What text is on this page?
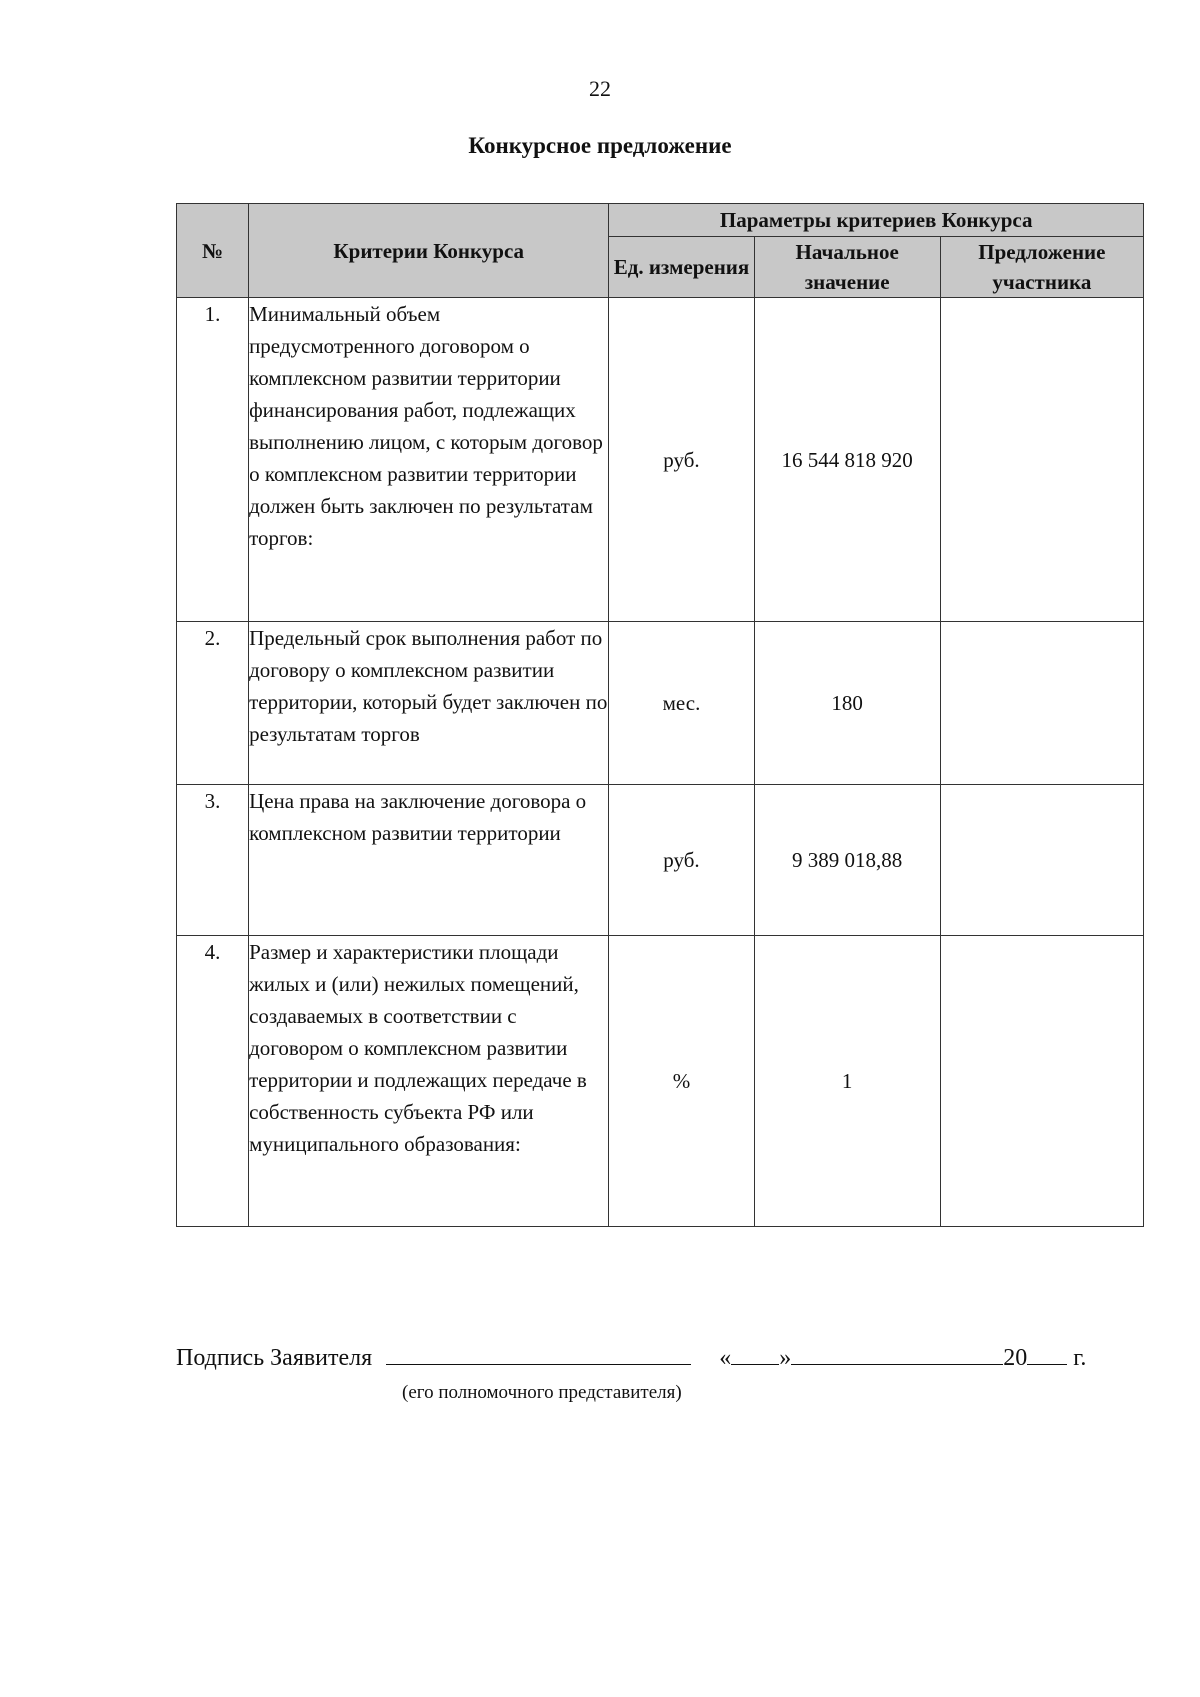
22
Конкурсное предложение
№	Критерии Конкурса	Параметры критериев Конкурса		
		Ед. измерения	Начальное значение	Предложение участника
1.	Минимальный объем предусмотренного договором о комплексном развитии территории финансирования работ, подлежащих выполнению лицом, с которым договор о комплексном развитии территории должен быть заключен по результатам торгов:	руб.	16 544 818 920	
2.	Предельный срок выполнения работ по договору о комплексном развитии территории, который будет заключен по результатам торгов	мес.	180	
3.	Цена права на заключение договора о комплексном развитии территории	руб.	9 389 018,88	
4.	Размер и характеристики площади жилых и (или) нежилых помещений, создаваемых в соответствии с договором о комплексном развитии территории и подлежащих передаче в собственность субъекта РФ или муниципального образования:	%	1	
Подпись Заявителя	« »	20 г.
(его полномочного представителя)
